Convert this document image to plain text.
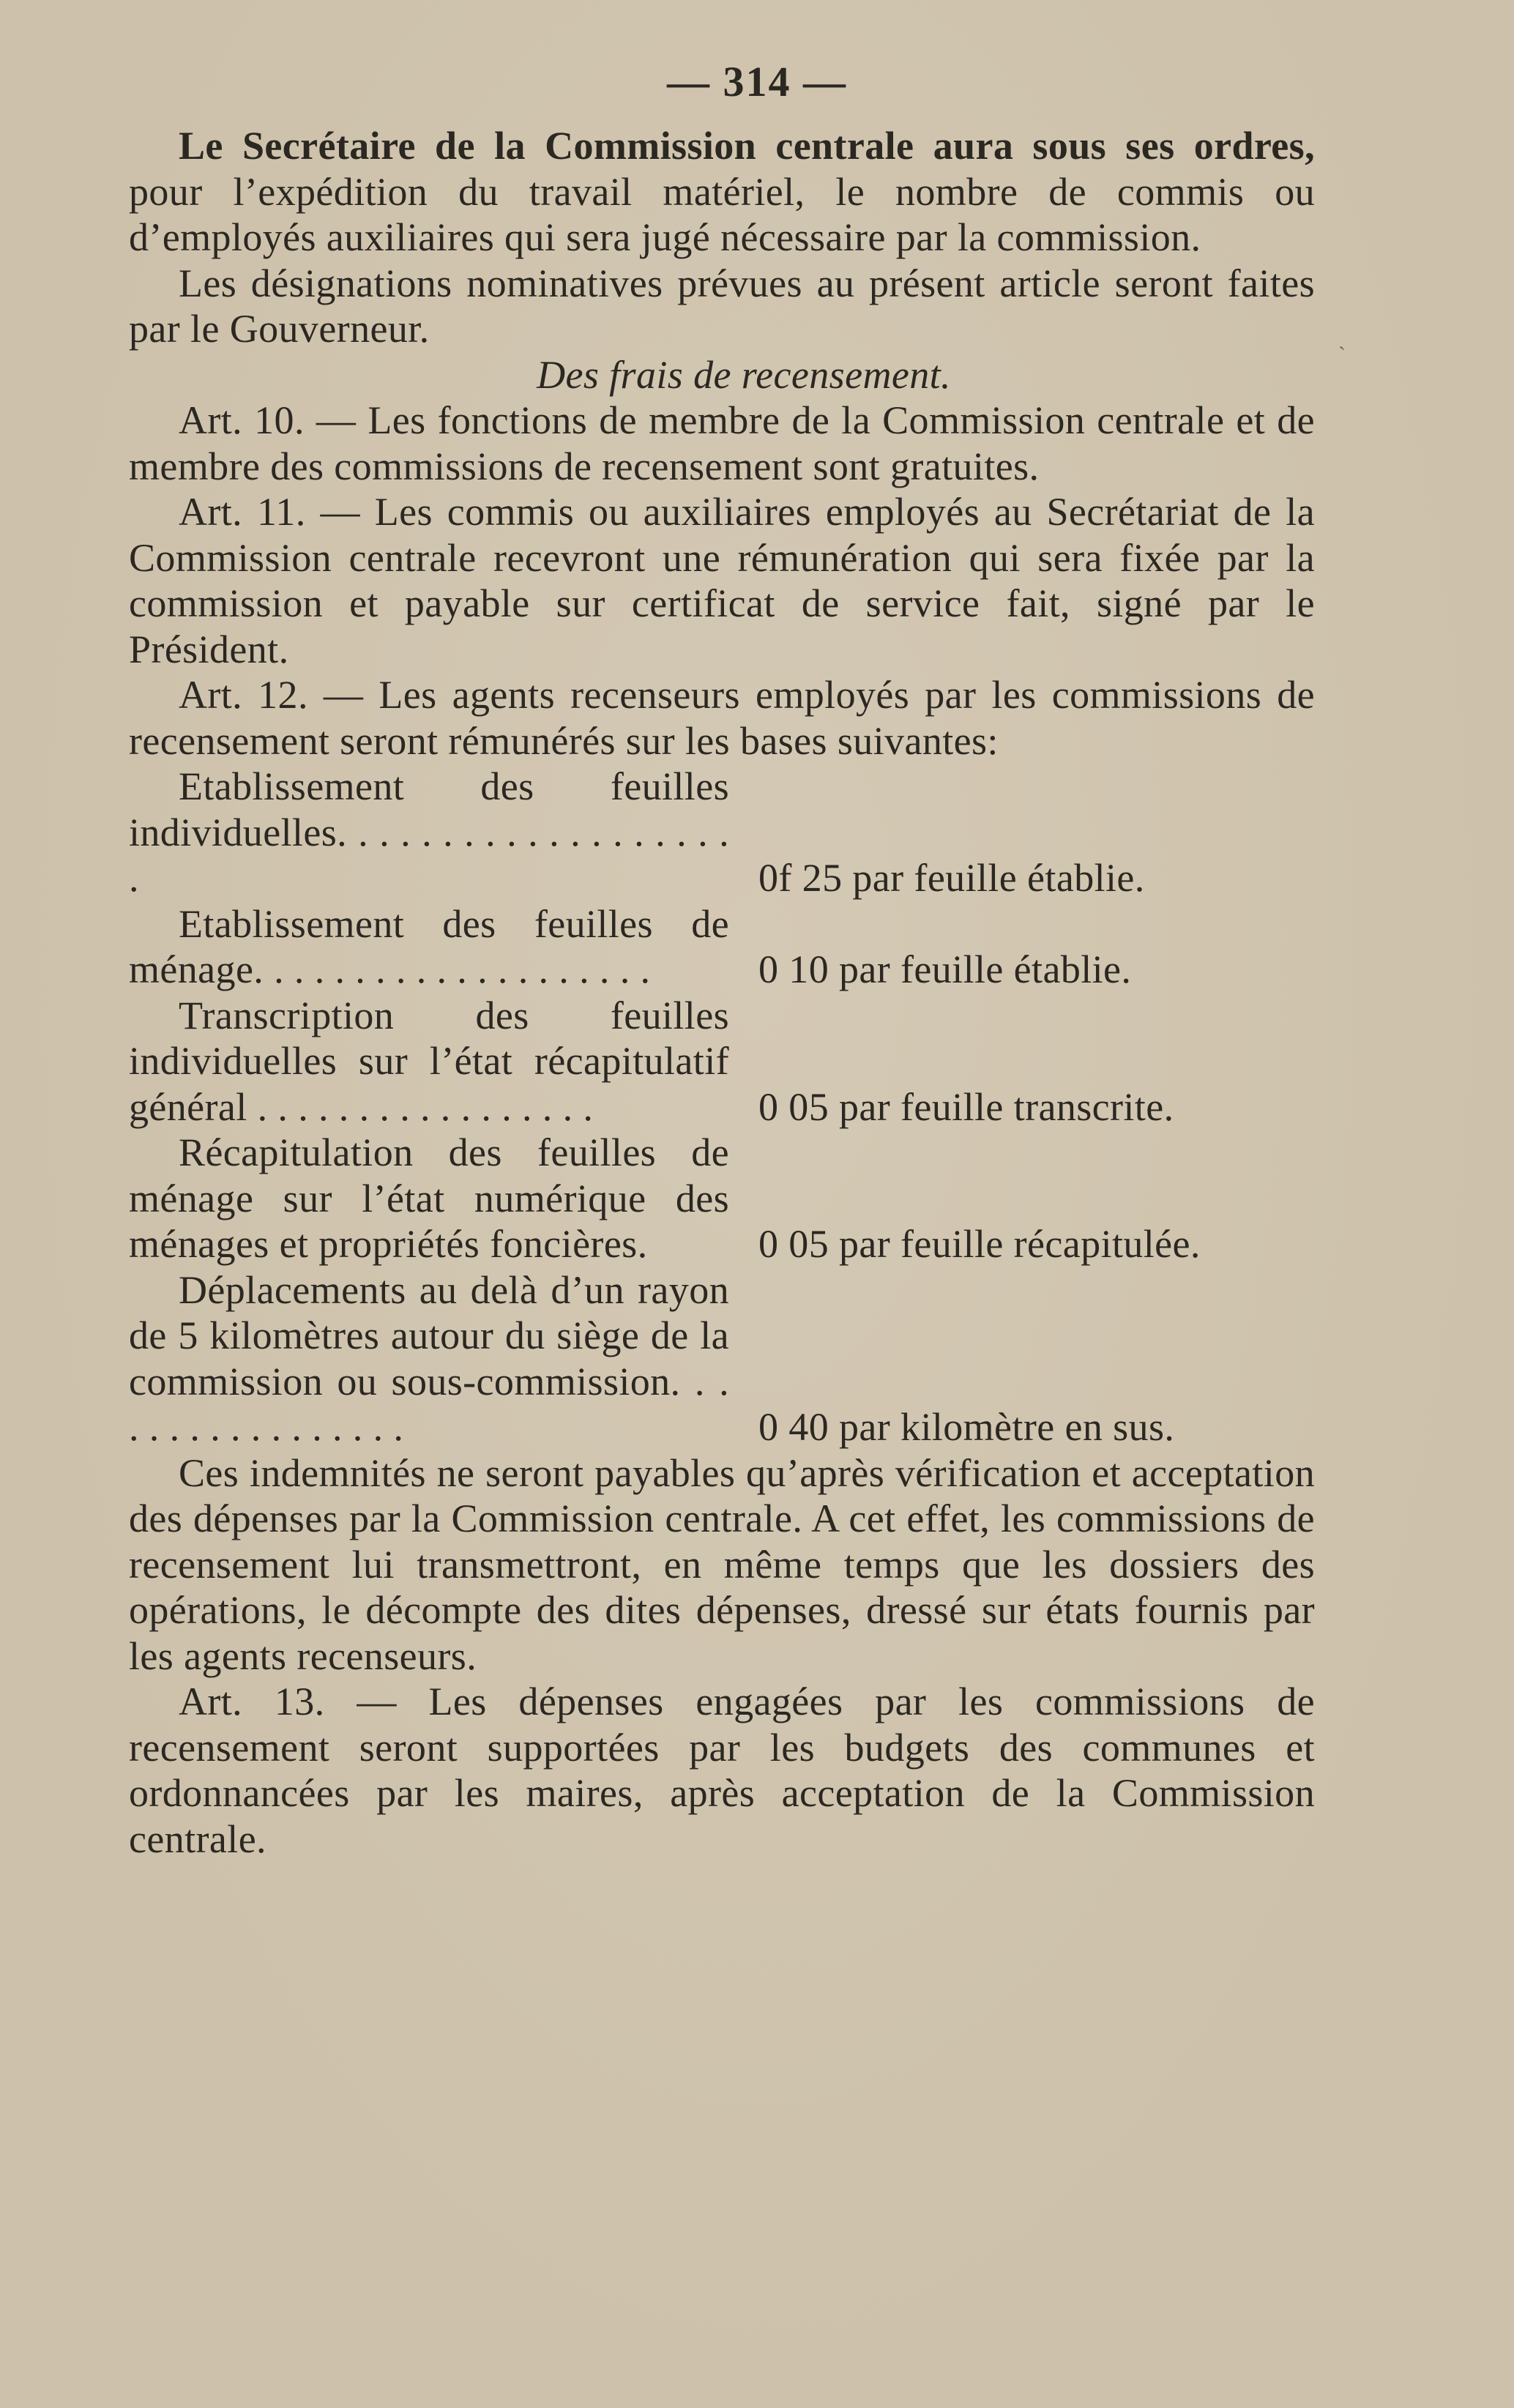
— 314 —
`

Le Secrétaire de la Commission centrale aura sous ses ordres, pour l’expédition du travail matériel, le nombre de commis ou d’employés auxiliaires qui sera jugé nécessaire par la commission.

Les désignations nominatives prévues au présent article seront faites par le Gouverneur.

Des frais de recensement.

Art. 10. — Les fonctions de membre de la Commission centrale et de membre des commissions de recensement sont gratuites.

Art. 11. — Les commis ou auxiliaires employés au Secrétariat de la Commission centrale recevront une rémunération qui sera fixée par la commission et payable sur certificat de service fait, signé par le Président.

Art. 12. — Les agents recenseurs employés par les commissions de recensement seront rémunérés sur les bases suivantes:

Etablissement des feuilles individuelles. . . . . . . . . . . . . . . . . . . .	0f 25 par feuille établie.

Etablissement des feuilles de ménage. . . . . . . . . . . . . . . . . . . .	0 10 par feuille établie.

Transcription des feuilles individuelles sur l’état récapitulatif général . . . . . . . . . . . . . . . . .	0 05 par feuille transcrite.

Récapitulation des feuilles de ménage sur l’état numérique des ménages et propriétés foncières.	0 05 par feuille récapitulée.

Déplacements au delà d’un rayon de 5 kilomètres autour du siège de la commission ou sous-commission. . . . . . . . . . . . . . . . .	0 40 par kilomètre en sus.

Ces indemnités ne seront payables qu’après vérification et acceptation des dépenses par la Commission centrale. A cet effet, les commissions de recensement lui transmettront, en même temps que les dossiers des opérations, le décompte des dites dépenses, dressé sur états fournis par les agents recenseurs.

Art. 13. — Les dépenses engagées par les commissions de recensement seront supportées par les budgets des communes et ordonnancées par les maires, après acceptation de la Commission centrale.
